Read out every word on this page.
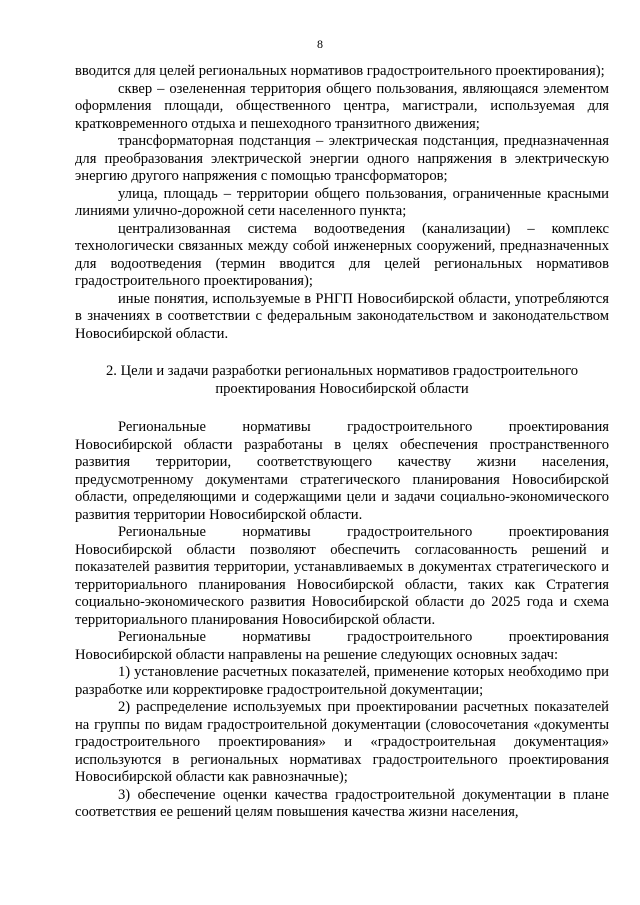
8

вводится для целей региональных нормативов градостроительного проектирования);

сквер – озелененная территория общего пользования, являющаяся элементом оформления площади, общественного центра, магистрали, используемая для кратковременного отдыха и пешеходного транзитного движения;

трансформаторная подстанция – электрическая подстанция, предназначенная для преобразования электрической энергии одного напряжения в электрическую энергию другого напряжения с помощью трансформаторов;

улица, площадь – территории общего пользования, ограниченные красными линиями улично-дорожной сети населенного пункта;

централизованная система водоотведения (канализации) – комплекс технологически связанных между собой инженерных сооружений, предназначенных для водоотведения (термин вводится для целей региональных нормативов градостроительного проектирования);

иные понятия, используемые в РНГП Новосибирской области, употребляются в значениях в соответствии с федеральным законодательством и законодательством Новосибирской области.

2. Цели и задачи разработки региональных нормативов градостроительного проектирования Новосибирской области

Региональные нормативы градостроительного проектирования Новосибирской области разработаны в целях обеспечения пространственного развития территории, соответствующего качеству жизни населения, предусмотренному документами стратегического планирования Новосибирской области, определяющими и содержащими цели и задачи социально-экономического развития территории Новосибирской области.

Региональные нормативы градостроительного проектирования Новосибирской области позволяют обеспечить согласованность решений и показателей развития территории, устанавливаемых в документах стратегического и территориального планирования Новосибирской области, таких как Стратегия социально-экономического развития Новосибирской области до 2025 года и схема территориального планирования Новосибирской области.

Региональные нормативы градостроительного проектирования Новосибирской области направлены на решение следующих основных задач:

1) установление расчетных показателей, применение которых необходимо при разработке или корректировке градостроительной документации;

2) распределение используемых при проектировании расчетных показателей на группы по видам градостроительной документации (словосочетания «документы градостроительного проектирования» и «градостроительная документация» используются в региональных нормативах градостроительного проектирования Новосибирской области как равнозначные);

3) обеспечение оценки качества градостроительной документации в плане соответствия ее решений целям повышения качества жизни населения,
